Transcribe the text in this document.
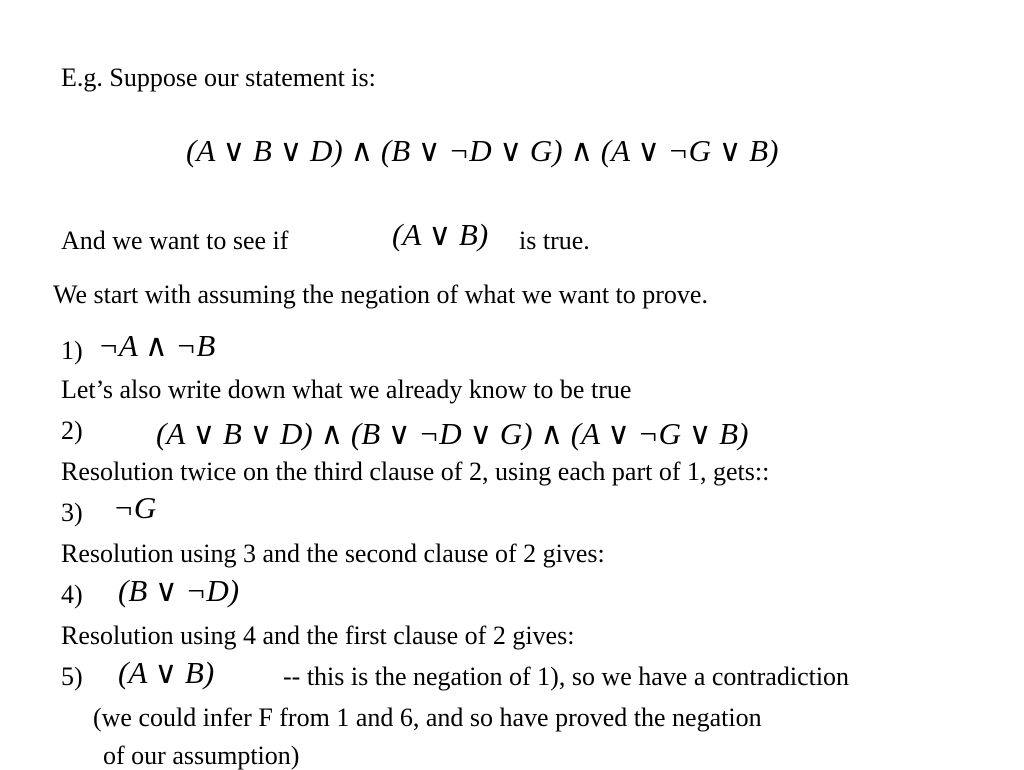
E.g. Suppose our statement is:
(A ∨ B ∨ D) ∧ (B ∨ ¬D ∨ G) ∧ (A ∨ ¬G ∨ B)
And we want to see if	(A ∨ B) is true.
We start with assuming the negation of what we want to prove.
1) ¬A ∧ ¬B
Let’s also write down what we already know to be true
2) (A ∨ B ∨ D) ∧ (B ∨ ¬D ∨ G) ∧ (A ∨ ¬G ∨ B)
Resolution twice on the third clause of 2, using each part of 1, gets::
3) ¬G
Resolution using 3 and the second clause of 2 gives:
4) (B ∨ ¬D)
Resolution using 4 and the first clause of 2 gives:
5) (A ∨ B)	-- this is the negation of 1), so we have a contradiction
(we could infer F from 1 and 6, and so have proved the negation
of our assumption)
